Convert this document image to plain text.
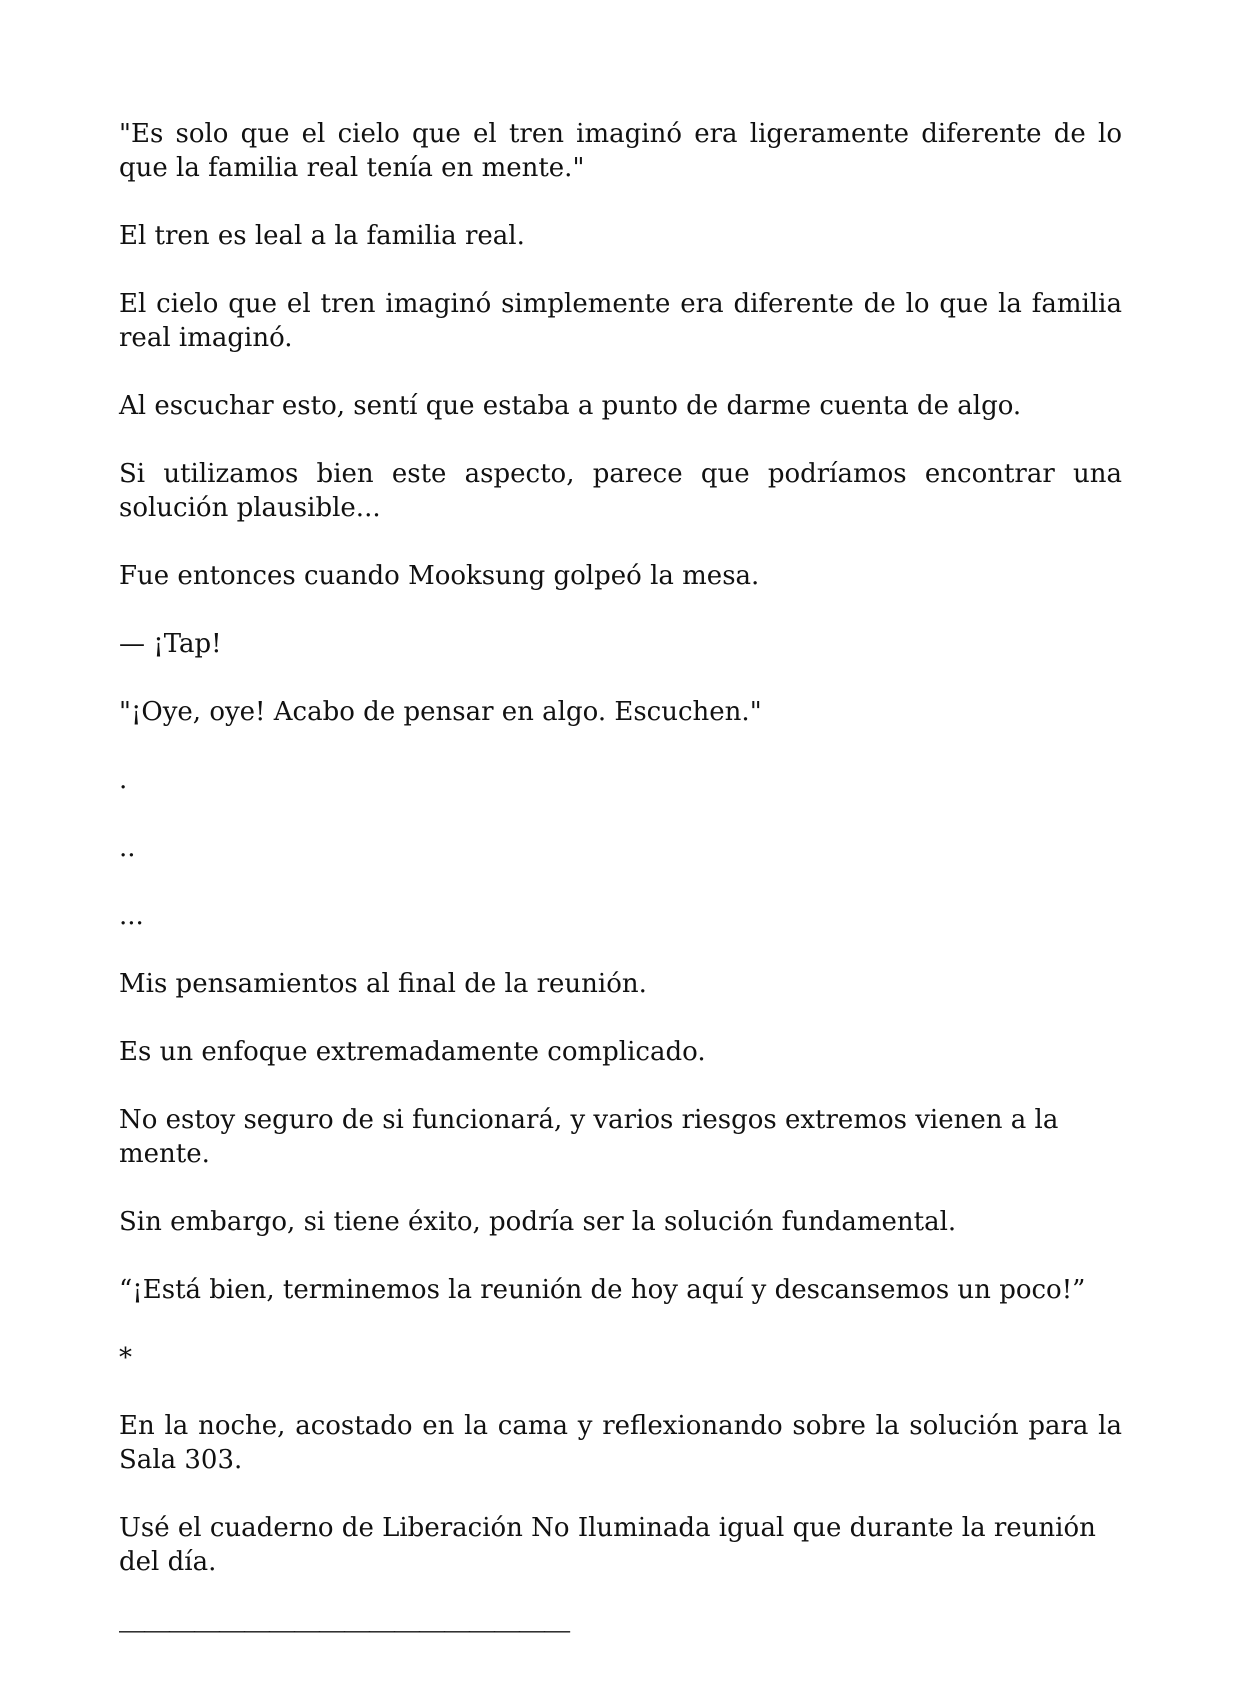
"Es solo que el cielo que el tren imaginó era ligeramente diferente de lo que la familia real tenía en mente."

El tren es leal a la familia real.

El cielo que el tren imaginó simplemente era diferente de lo que la familia real imaginó.

Al escuchar esto, sentí que estaba a punto de darme cuenta de algo.

Si utilizamos bien este aspecto, parece que podríamos encontrar una solución plausible...

Fue entonces cuando Mooksung golpeó la mesa.

— ¡Tap!

"¡Oye, oye! Acabo de pensar en algo. Escuchen."

.

..

...

Mis pensamientos al final de la reunión.

Es un enfoque extremadamente complicado.

No estoy seguro de si funcionará, y varios riesgos extremos vienen a la mente.

Sin embargo, si tiene éxito, podría ser la solución fundamental.

“¡Está bien, terminemos la reunión de hoy aquí y descansemos un poco!”

*

En la noche, acostado en la cama y reflexionando sobre la solución para la Sala 303.

Usé el cuaderno de Liberación No Iluminada igual que durante la reunión del día.

——————————————————
